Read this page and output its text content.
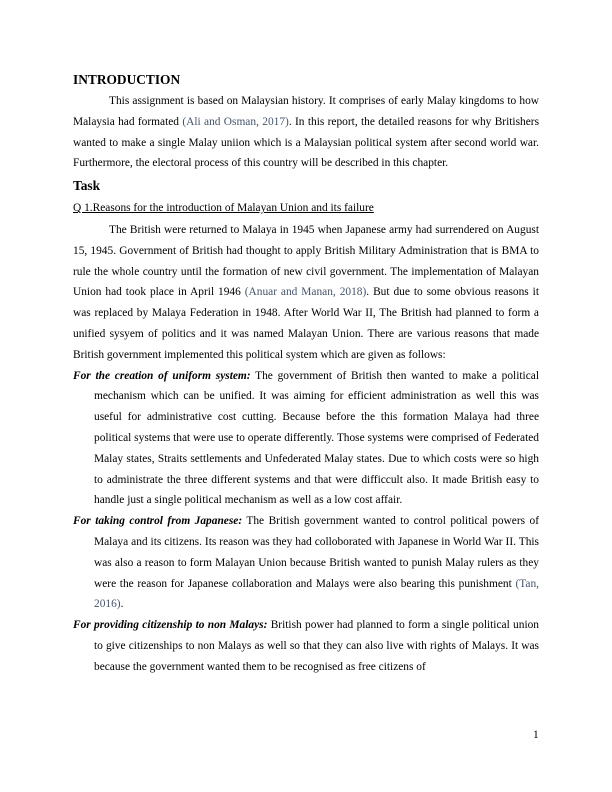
INTRODUCTION

This assignment is based on Malaysian history. It comprises of early Malay kingdoms to how Malaysia had formated (Ali and Osman, 2017). In this report, the detailed reasons for why Britishers wanted to make a single Malay uniion which is a Malaysian political system after second world war. Furthermore, the electoral process of this country will be described in this chapter.

Task
Q 1.Reasons for the introduction of Malayan Union and its failure

The British were returned to Malaya in 1945 when Japanese army had surrendered on August 15, 1945. Government of British had thought to apply British Military Administration that is BMA to rule the whole country until the formation of new civil government. The implementation of Malayan Union had took place in April 1946 (Anuar and Manan, 2018). But due to some obvious reasons it was replaced by Malaya Federation in 1948. After World War II, The British had planned to form a unified sysyem of politics and it was named Malayan Union. There are various reasons that made British government implemented this political system which are given as follows:

For the creation of uniform system: The government of British then wanted to make a political mechanism which can be unified. It was aiming for efficient administration as well this was useful for administrative cost cutting. Because before the this formation Malaya had three political systems that were use to operate differently. Those systems were comprised of Federated Malay states, Straits settlements and Unfederated Malay states. Due to which costs were so high to administrate the three different systems and that were difficcult also. It made British easy to handle just a single political mechanism as well as a low cost affair.

For taking control from Japanese: The British government wanted to control political powers of Malaya and its citizens. Its reason was they had colloborated with Japanese in World War II. This was also a reason to form Malayan Union because British wanted to punish Malay rulers as they were the reason for Japanese collaboration and Malays were also bearing this punishment (Tan, 2016).

For providing citizenship to non Malays: British power had planned to form a single political union to give citizenships to non Malays as well so that they can also live with rights of Malays. It was because the government wanted them to be recognised as free citizens of

1
